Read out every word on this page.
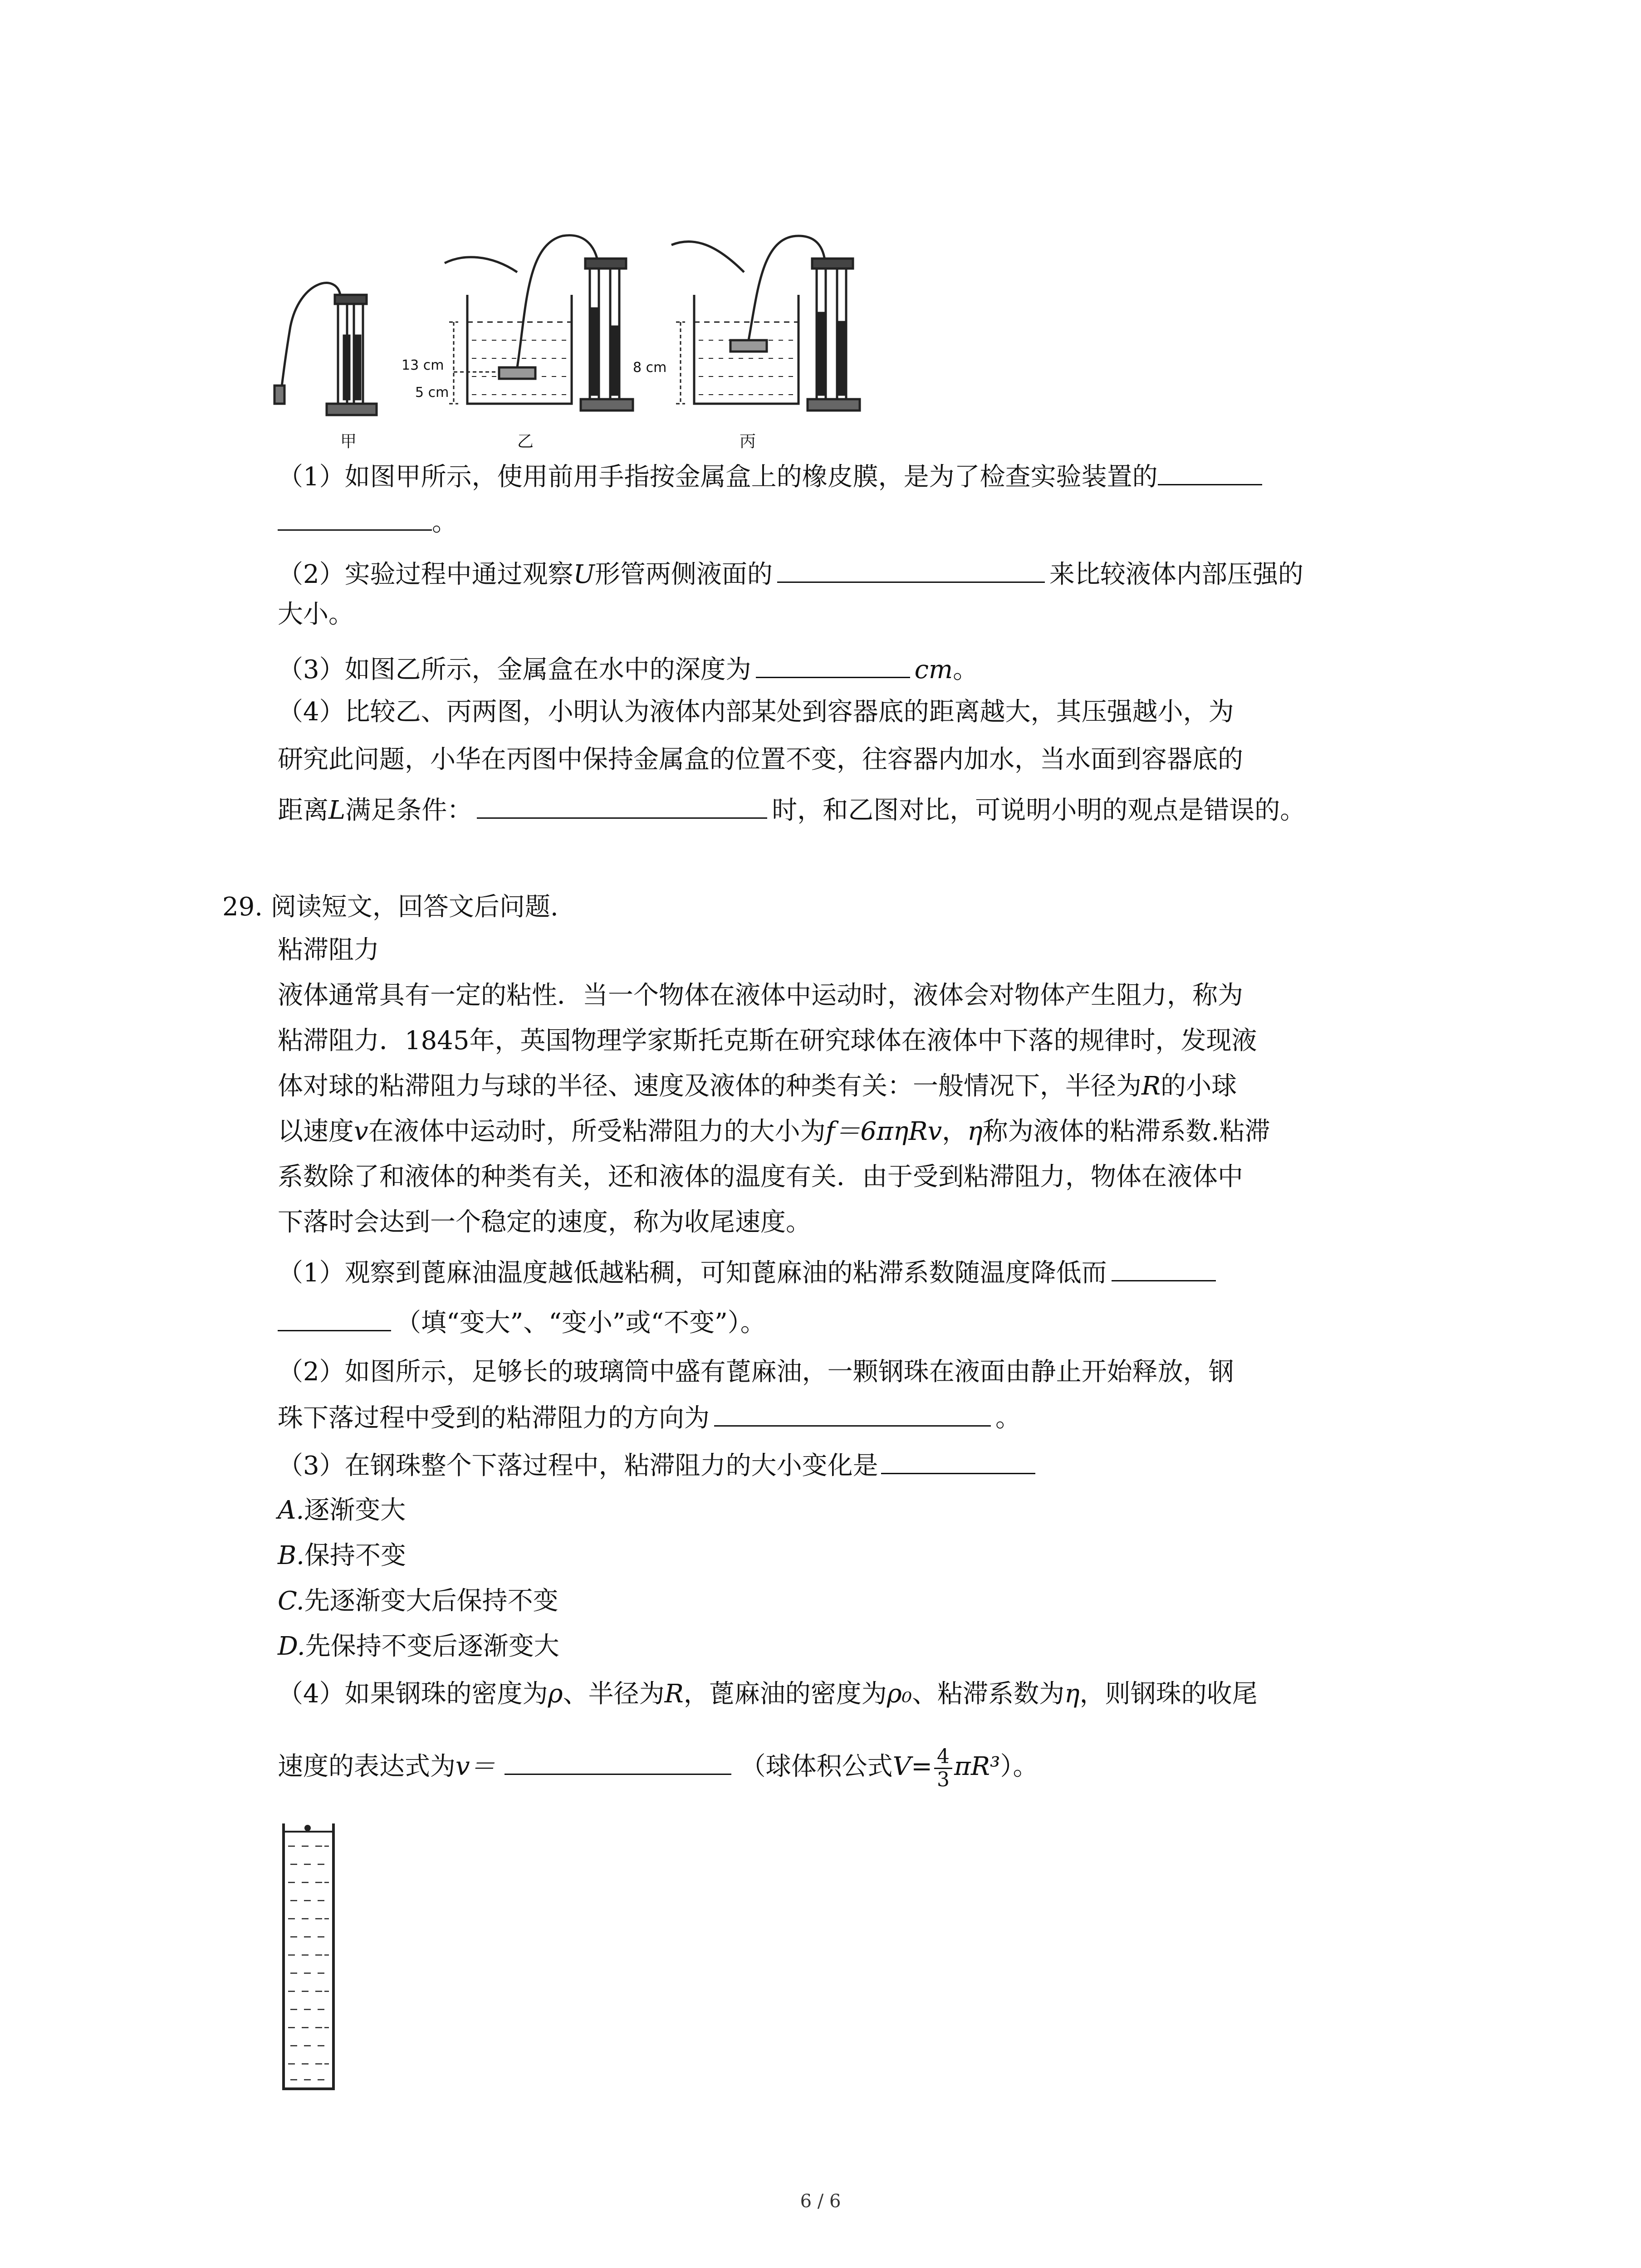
13 cm
5 cm
8 cm
甲	乙	丙
（1）如图甲所示，使用前用手指按金属盒上的橡皮膜，是为了检查实验装置的
。
（2）实验过程中通过观察U形管两侧液面的	来比较液体内部压强的
大小。
（3）如图乙所示，金属盒在水中的深度为	cm。
（4）比较乙、丙两图，小明认为液体内部某处到容器底的距离越大，其压强越小，为
研究此问题，小华在丙图中保持金属盒的位置不变，往容器内加水，当水面到容器底的
距离L满足条件：	时，和乙图对比，可说明小明的观点是错误的。
29. 阅读短文，回答文后问题.
粘滞阻力
液体通常具有一定的粘性．当一个物体在液体中运动时，液体会对物体产生阻力，称为
粘滞阻力．1845年，英国物理学家斯托克斯在研究球体在液体中下落的规律时，发现液
体对球的粘滞阻力与球的半径、速度及液体的种类有关：一般情况下，半径为R的小球
以速度v在液体中运动时，所受粘滞阻力的大小为f＝6πηRv，η称为液体的粘滞系数.粘滞
系数除了和液体的种类有关，还和液体的温度有关．由于受到粘滞阻力，物体在液体中
下落时会达到一个稳定的速度，称为收尾速度。
（1）观察到蓖麻油温度越低越粘稠，可知蓖麻油的粘滞系数随温度降低而
（填“变大”、“变小”或“不变”）。
（2）如图所示，足够长的玻璃筒中盛有蓖麻油，一颗钢珠在液面由静止开始释放，钢
珠下落过程中受到的粘滞阻力的方向为	。
（3）在钢珠整个下落过程中，粘滞阻力的大小变化是
A.逐渐变大
B.保持不变
C.先逐渐变大后保持不变
D.先保持不变后逐渐变大
（4）如果钢珠的密度为ρ、半径为R，蓖麻油的密度为ρ₀、粘滞系数为η，则钢珠的收尾
速度的表达式为v＝	（球体积公式$V= \frac{4}{3} \pi R^3$）。
6 / 6
